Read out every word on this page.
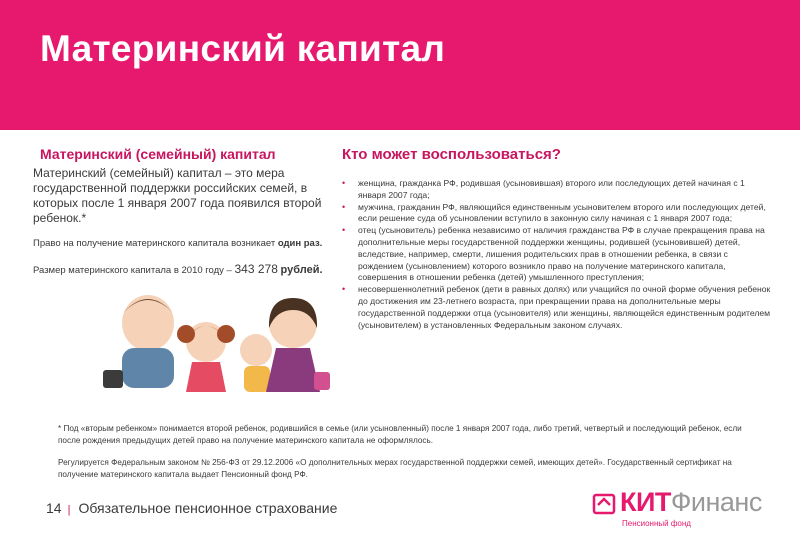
Материнский капитал
Материнский (семейный) капитал
Материнский (семейный) капитал – это мера государственной поддержки российских семей, в которых после 1 января 2007 года появился второй ребенок.*
Право на получение материнского капитала возникает один раз.
Размер материнского капитала в 2010 году – 343 278 рублей.
Кто может воспользоваться?
• женщина, гражданка РФ, родившая (усыновившая) второго или последующих детей начиная с 1 января 2007 года;
• мужчина, гражданин РФ, являющийся единственным усыновителем второго или последующих детей, если решение суда об усыновлении вступило в законную силу начиная с 1 января 2007 года;
• отец (усыновитель) ребенка независимо от наличия гражданства РФ в случае прекращения права на дополнительные меры государственной поддержки женщины, родившей (усыновившей) детей, вследствие, например, смерти, лишения родительских прав в отношении ребенка, в связи с рождением (усыновлением) которого возникло право на получение материнского капитала, совершения в отношении ребенка (детей) умышленного преступления;
• несовершеннолетний ребенок (дети в равных долях) или учащийся по очной форме обучения ребенок до достижения им 23-летнего возраста, при прекращении права на дополнительные меры государственной поддержки отца (усыновителя) или женщины, являющейся единственным родителем (усыновителем) в установленных Федеральным законом случаях.
* Под «вторым ребенком» понимается второй ребенок, родившийся в семье (или усыновленный) после 1 января 2007 года, либо третий, четвертый и последующий ребенок, если после рождения предыдущих детей право на получение материнского капитала не оформлялось.
Регулируется Федеральным законом № 256-ФЗ от 29.12.2006 «О дополнительных мерах государственной поддержки семей, имеющих детей». Государственный сертификат на получение материнского капитала выдает Пенсионный фонд РФ.
14 | Обязательное пенсионное страхование	КИТФинанс
Пенсионный фонд
